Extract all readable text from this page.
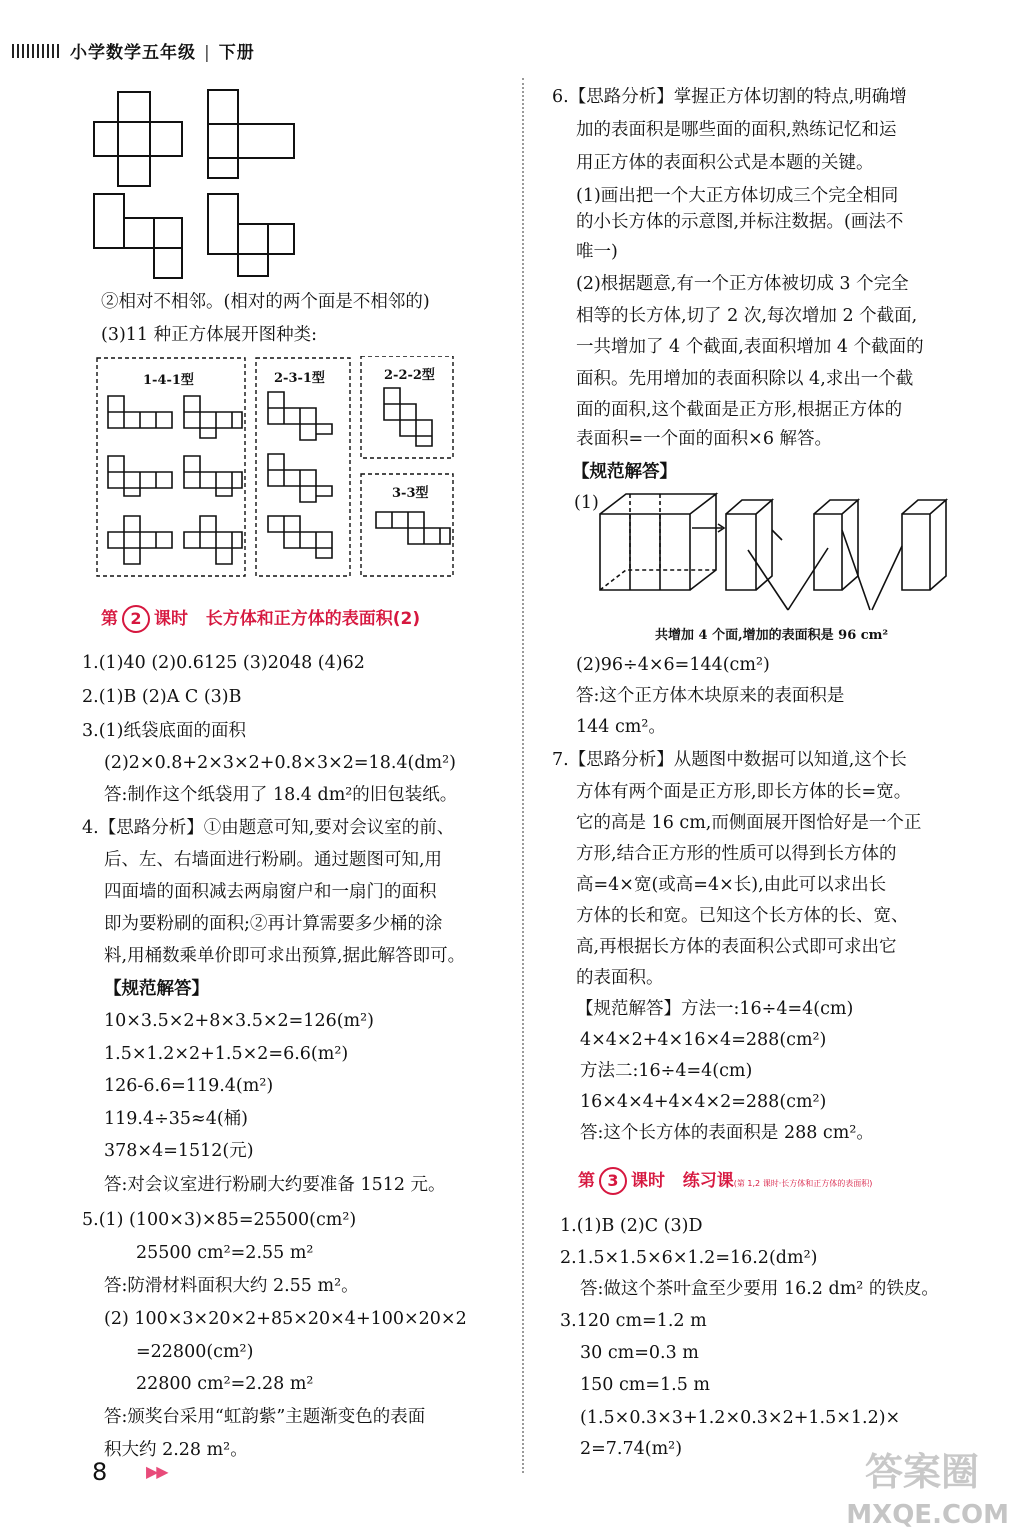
小学数学五年级 | 下册
②相对不相邻。(相对的两个面是不相邻的)
(3)11 种正方体展开图种类:
1-4-1型	2-3-1型	2-2-2型
3-3型
第 2 课时 长方体和正方体的表面积(2)
1.(1)40 (2)0.6125 (3)2048 (4)62
2.(1)B (2)A C (3)B
3.(1)纸袋底面的面积
(2)2×0.8+2×3×2+0.8×3×2=18.4(dm²)
答:制作这个纸袋用了 18.4 dm²的旧包装纸。
4.【思路分析】①由题意可知,要对会议室的前、
后、左、右墙面进行粉刷。通过题图可知,用
四面墙的面积减去两扇窗户和一扇门的面积
即为要粉刷的面积;②再计算需要多少桶的涂
料,用桶数乘单价即可求出预算,据此解答即可。
【规范解答】
10×3.5×2+8×3.5×2=126(m²)
1.5×1.2×2+1.5×2=6.6(m²)
126-6.6=119.4(m²)
119.4÷35≈4(桶)
378×4=1512(元)
答:对会议室进行粉刷大约要准备 1512 元。
5.(1) (100×3)×85=25500(cm²)
25500 cm²=2.55 m²
答:防滑材料面积大约 2.55 m²。
(2) 100×3×20×2+85×20×4+100×20×2
=22800(cm²)
22800 cm²=2.28 m²
答:颁奖台采用“虹韵紫”主题渐变色的表面
积大约 2.28 m²。
6.【思路分析】掌握正方体切割的特点,明确增
加的表面积是哪些面的面积,熟练记忆和运
用正方体的表面积公式是本题的关键。
(1)画出把一个大正方体切成三个完全相同
的小长方体的示意图,并标注数据。(画法不
唯一)
(2)根据题意,有一个正方体被切成 3 个完全
相等的长方体,切了 2 次,每次增加 2 个截面,
一共增加了 4 个截面,表面积增加 4 个截面的
面积。先用增加的表面积除以 4,求出一个截
面的面积,这个截面是正方形,根据正方体的
表面积=一个面的面积×6 解答。
【规范解答】
(1)
共增加 4 个面,增加的表面积是 96 cm²
(2)96÷4×6=144(cm²)
答:这个正方体木块原来的表面积是
144 cm²。
7.【思路分析】从题图中数据可以知道,这个长
方体有两个面是正方形,即长方体的长=宽。
它的高是 16 cm,而侧面展开图恰好是一个正
方形,结合正方形的性质可以得到长方体的
高=4×宽(或高=4×长),由此可以求出长
方体的长和宽。已知这个长方体的长、宽、
高,再根据长方体的表面积公式即可求出它
的表面积。
【规范解答】方法一:16÷4=4(cm)
4×4×2+4×16×4=288(cm²)
方法二:16÷4=4(cm)
16×4×4+4×4×2=288(cm²)
答:这个长方体的表面积是 288 cm²。
第 3 课时 练习课(第 1,2 课时·长方体和正方体的表面积)
1.(1)B (2)C (3)D
2.1.5×1.5×6×1.2=16.2(dm²)
答:做这个茶叶盒至少要用 16.2 dm² 的铁皮。
3.120 cm=1.2 m
30 cm=0.3 m
150 cm=1.5 m
(1.5×0.3×3+1.2×0.3×2+1.5×1.2)×
2=7.74(m²)
8 ▶▶	答案圈
MXQE.COM
